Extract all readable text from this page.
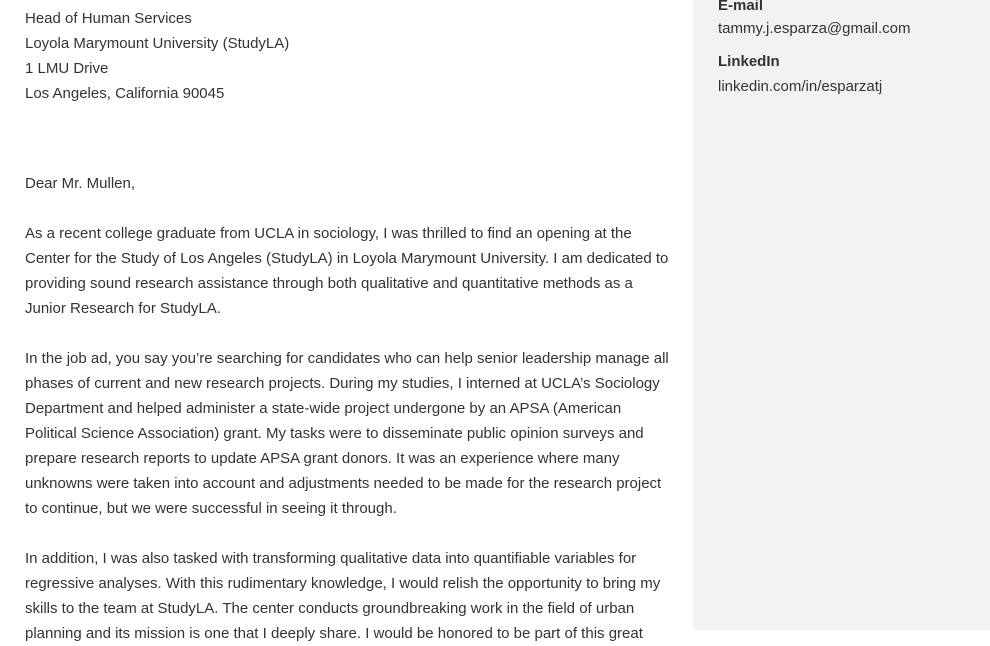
Head of Human Services

Loyola Marymount University (StudyLA)

1 LMU Drive

Los Angeles, California 90045

Dear Mr. Mullen,

As a recent college graduate from UCLA in sociology, I was thrilled to find an opening at the Center for the Study of Los Angeles (StudyLA) in Loyola Marymount University. I am dedicated to providing sound research assistance through both qualitative and quantitative methods as a Junior Research for StudyLA.

In the job ad, you say you’re searching for candidates who can help senior leadership manage all phases of current and new research projects. During my studies, I interned at UCLA’s Sociology Department and helped administer a state-wide project undergone by an APSA (American Political Science Association) grant. My tasks were to disseminate public opinion surveys and prepare research reports to update APSA grant donors. It was an experience where many unknowns were taken into account and adjustments needed to be made for the research project to continue, but we were successful in seeing it through.

In addition, I was also tasked with transforming qualitative data into quantifiable variables for regressive analyses. With this rudimentary knowledge, I would relish the opportunity to bring my skills to the team at StudyLA. The center conducts groundbreaking work in the field of urban planning and its mission is one that I deeply share. I would be honored to be part of this great

E-mail
tammy.j.esparza@gmail.com
LinkedIn
linkedin.com/in/esparzatj
